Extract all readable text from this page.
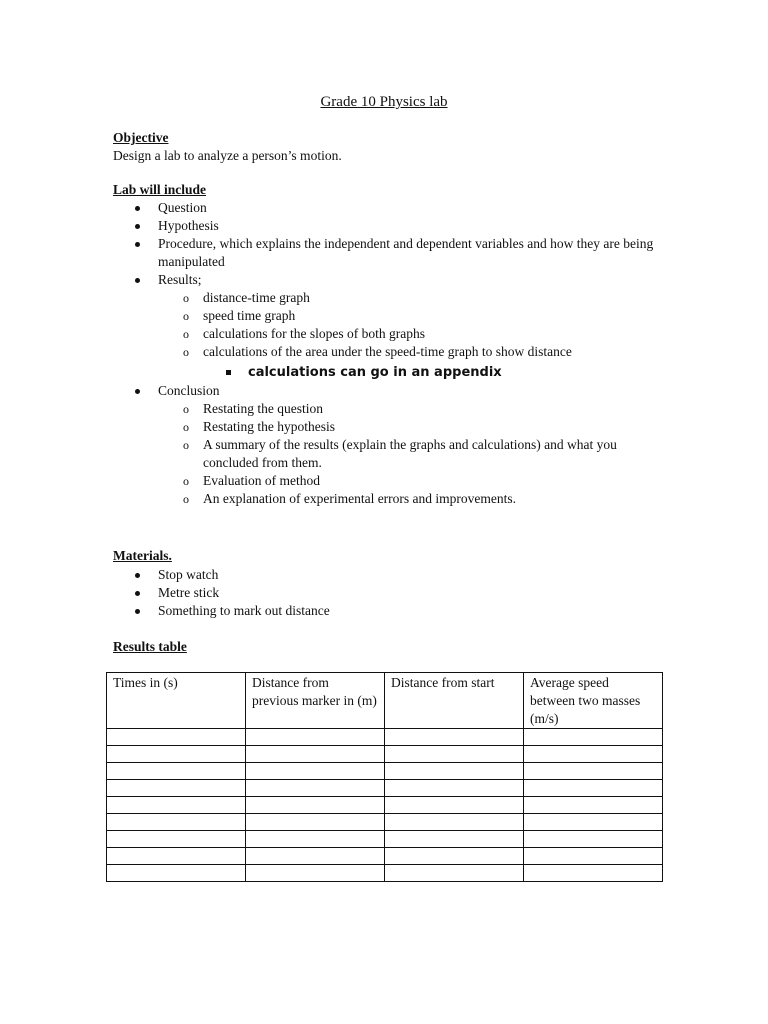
Grade 10 Physics lab
Objective
Design a lab to analyze a person’s motion.
Lab will include
Question
Hypothesis
Procedure, which explains the independent and dependent variables and how they are being manipulated
Results;
o distance-time graph
o speed time graph
o calculations for the slopes of both graphs
o calculations of the area under the speed-time graph to show distance
calculations can go in an appendix
Conclusion
o Restating the question
o Restating the hypothesis
o A summary of the results (explain the graphs and calculations) and what you concluded from them.
o Evaluation of method
o An explanation of experimental errors and improvements.
Materials.
Stop watch
Metre stick
Something to mark out distance
Results table
Times in (s)	Distance from previous marker in (m)	Distance from start	Average speed between two masses (m/s)
